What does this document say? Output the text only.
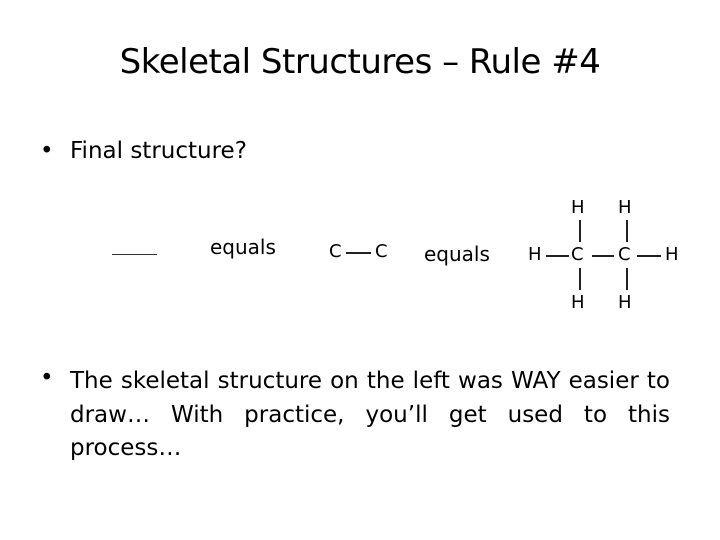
Skeletal Structures – Rule #4
• Final structure?
equals	C C equals
H H
H C C H
H H
• The skeletal structure on the left was WAY easier to draw… With practice, you’ll get used to this process…
